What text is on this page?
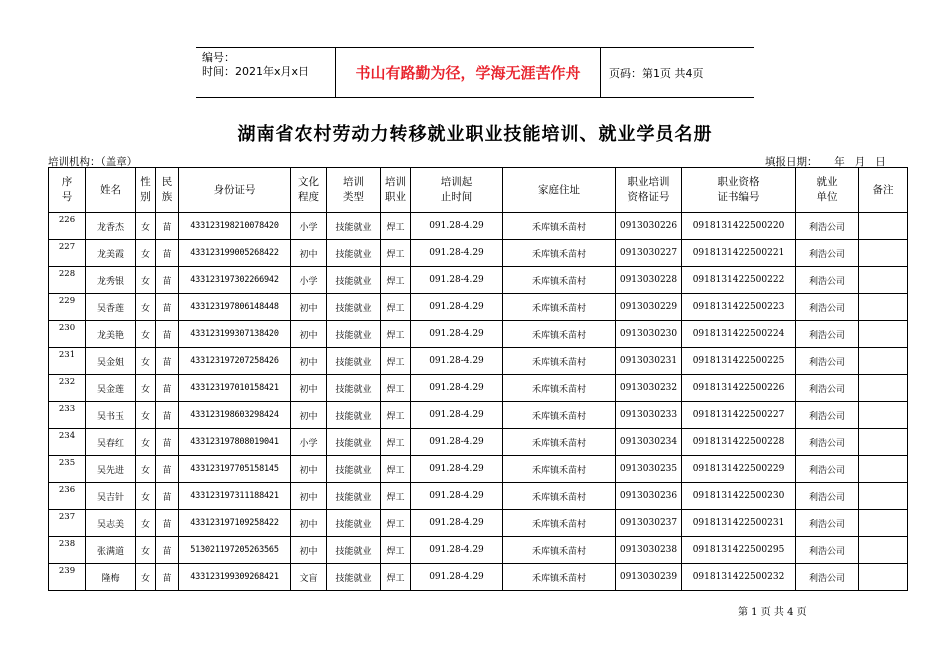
编号：
时间：2021年x月x日	书山有路勤为径，学海无涯苦作舟	页码：第1页 共4页
湖南省农村劳动力转移就业职业技能培训、就业学员名册
培训机构：（盖章）	填报日期：     年   月   日
序
号	姓名	性
别	民
族	身份证号	文化
程度	培训
类型	培训
职业	培训起
止时间	家庭住址	职业培训
资格证号	职业资格
证书编号	就业
单位	备注
226	龙香杰	女	苗	433123198210078420	小学	技能就业	焊工	091.28-4.29	禾库镇禾苗村	0913030226	0918131422500220	利浩公司	
227	龙美霞	女	苗	433123199005268422	初中	技能就业	焊工	091.28-4.29	禾库镇禾苗村	0913030227	0918131422500221	利浩公司	
228	龙秀银	女	苗	433123197302266942	小学	技能就业	焊工	091.28-4.29	禾库镇禾苗村	0913030228	0918131422500222	利浩公司	
229	吴香莲	女	苗	433123197806148448	初中	技能就业	焊工	091.28-4.29	禾库镇禾苗村	0913030229	0918131422500223	利浩公司	
230	龙美艳	女	苗	433123199307138420	初中	技能就业	焊工	091.28-4.29	禾库镇禾苗村	0913030230	0918131422500224	利浩公司	
231	吴金姐	女	苗	433123197207258426	初中	技能就业	焊工	091.28-4.29	禾库镇禾苗村	0913030231	0918131422500225	利浩公司	
232	吴金莲	女	苗	433123197010158421	初中	技能就业	焊工	091.28-4.29	禾库镇禾苗村	0913030232	0918131422500226	利浩公司	
233	吴书玉	女	苗	433123198603298424	初中	技能就业	焊工	091.28-4.29	禾库镇禾苗村	0913030233	0918131422500227	利浩公司	
234	吴春红	女	苗	433123197808019041	小学	技能就业	焊工	091.28-4.29	禾库镇禾苗村	0913030234	0918131422500228	利浩公司	
235	吴先进	女	苗	433123197705158145	初中	技能就业	焊工	091.28-4.29	禾库镇禾苗村	0913030235	0918131422500229	利浩公司	
236	吴吉针	女	苗	433123197311188421	初中	技能就业	焊工	091.28-4.29	禾库镇禾苗村	0913030236	0918131422500230	利浩公司	
237	吴志美	女	苗	433123197109258422	初中	技能就业	焊工	091.28-4.29	禾库镇禾苗村	0913030237	0918131422500231	利浩公司	
238	张满道	女	苗	513021197205263565	初中	技能就业	焊工	091.28-4.29	禾库镇禾苗村	0913030238	0918131422500295	利浩公司	
239	隆梅	女	苗	433123199309268421	文盲	技能就业	焊工	091.28-4.29	禾库镇禾苗村	0913030239	0918131422500232	利浩公司	
第 1 页 共 4 页
